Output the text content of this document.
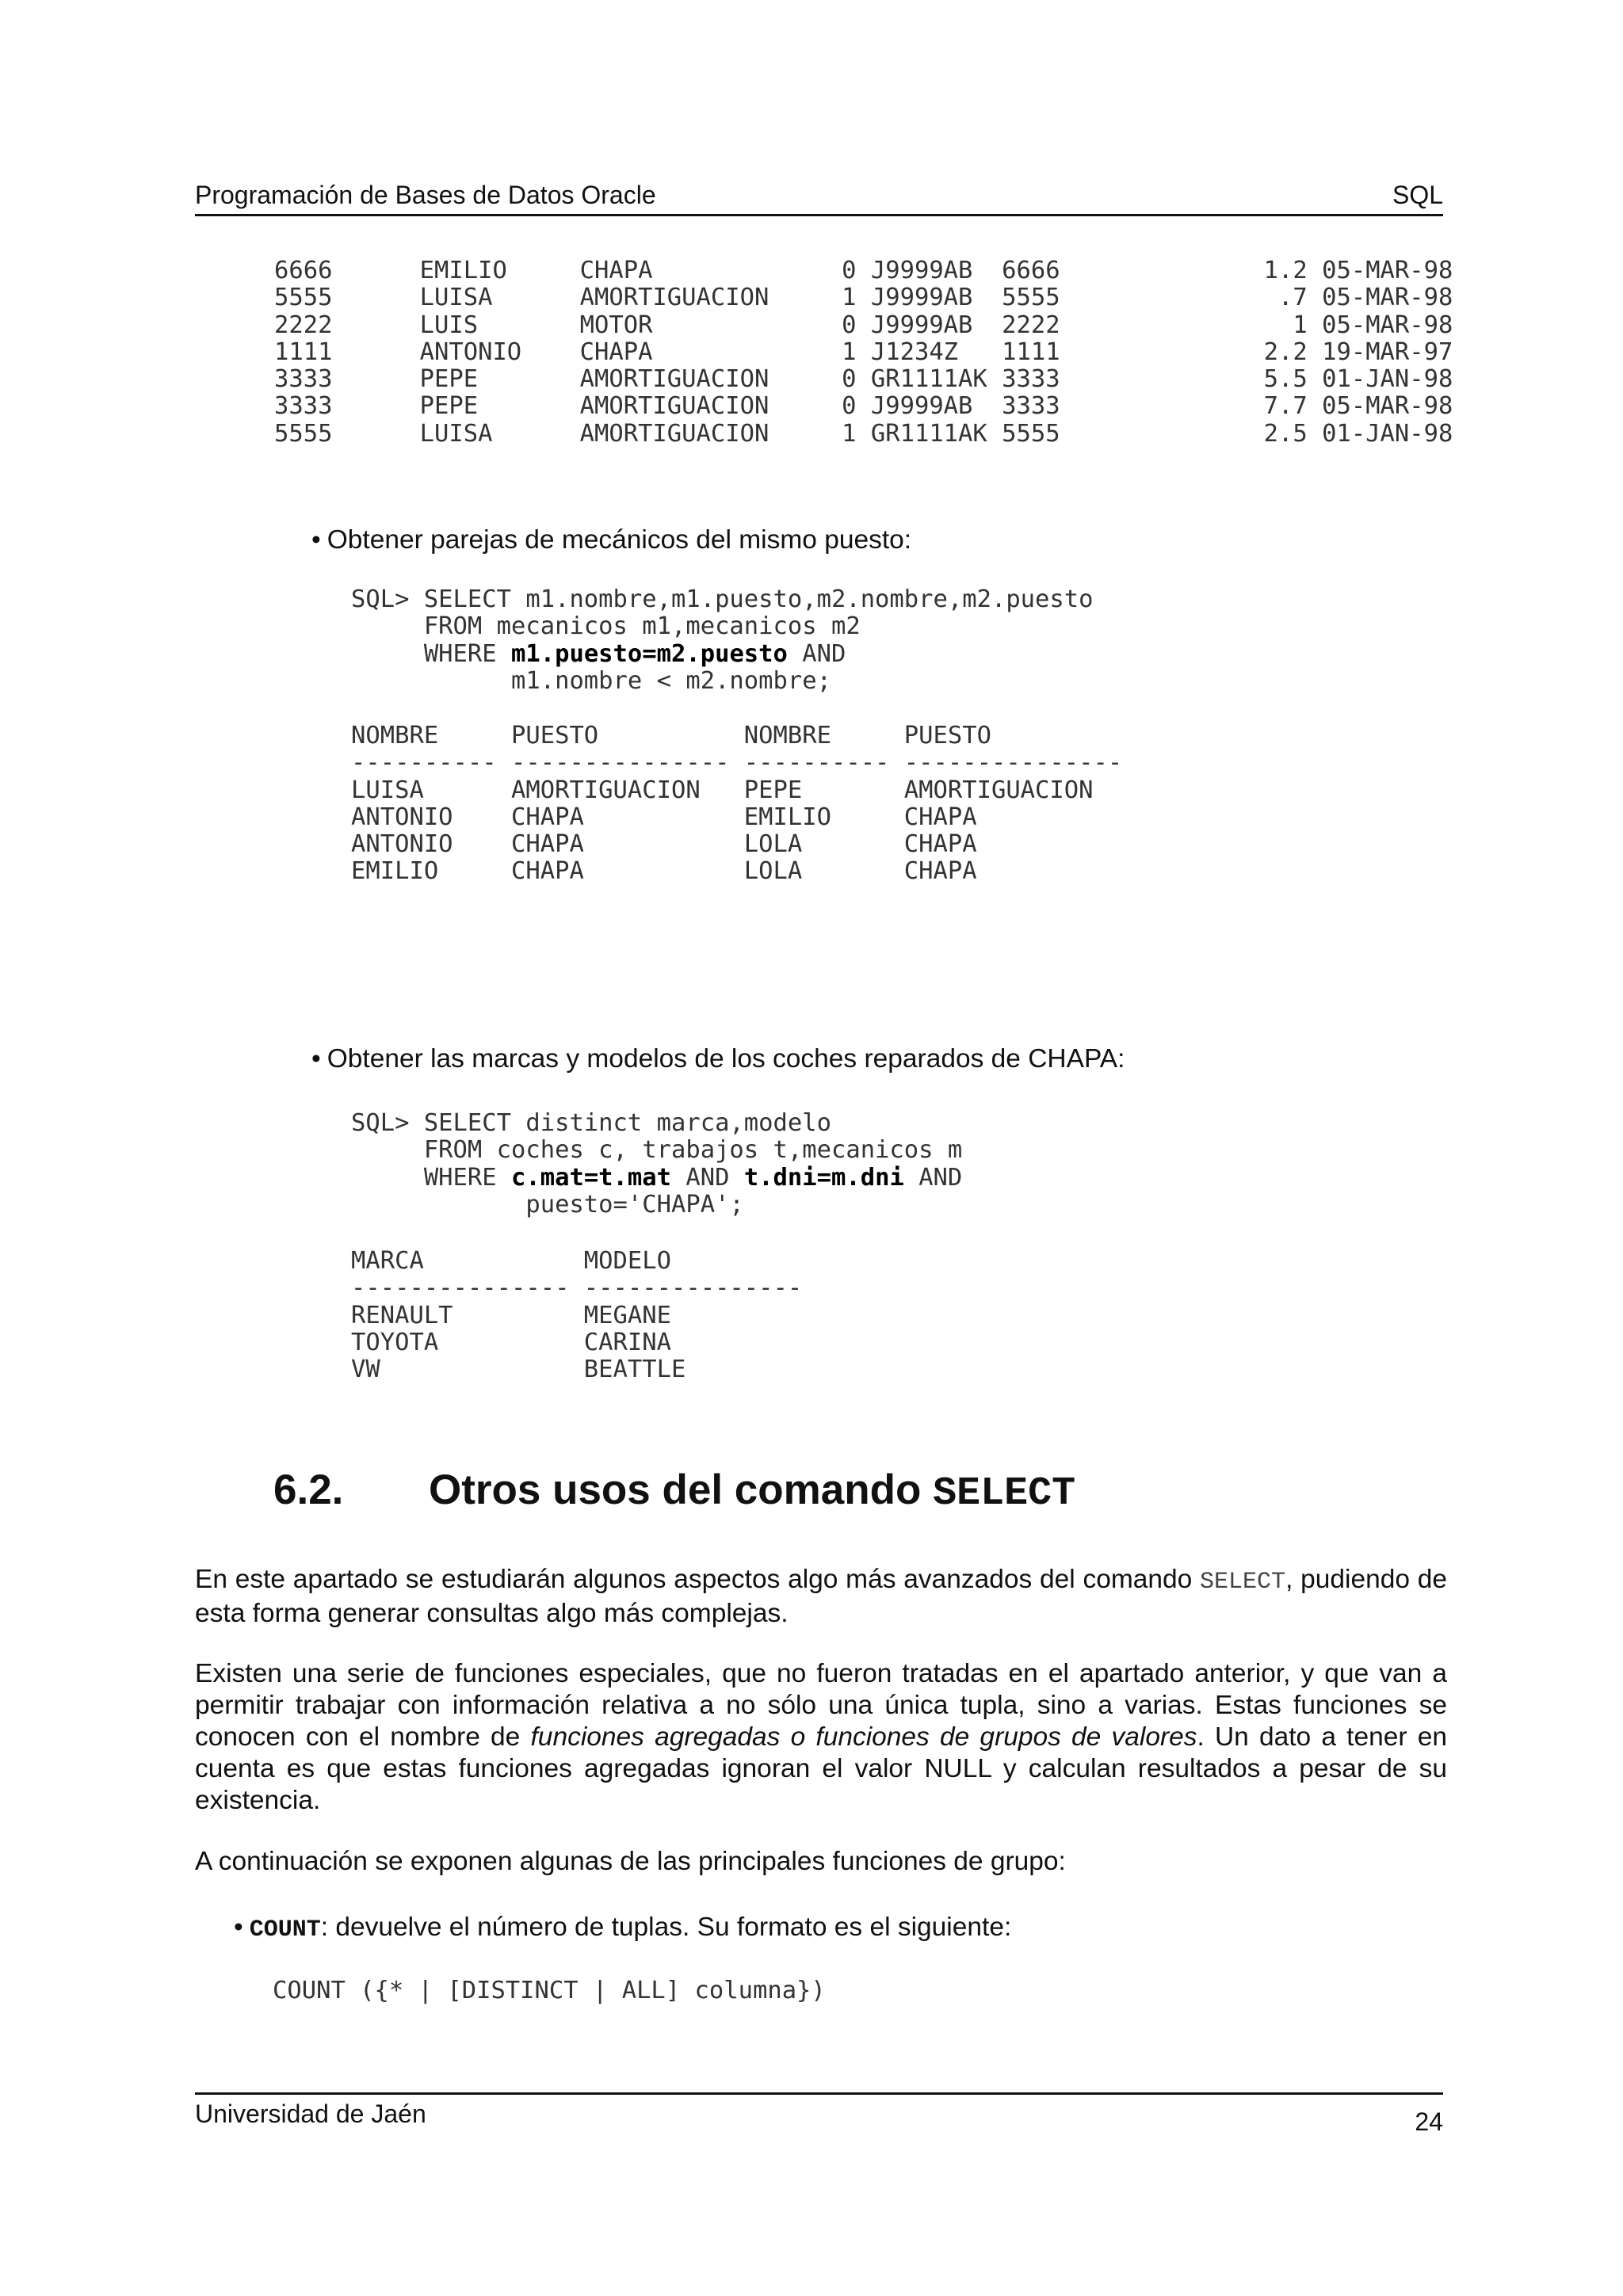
Programación de Bases de Datos Oracle	SQL
6666      EMILIO     CHAPA             0 J9999AB  6666              1.2 05-MAR-98
5555      LUISA      AMORTIGUACION     1 J9999AB  5555               .7 05-MAR-98
2222      LUIS       MOTOR             0 J9999AB  2222                1 05-MAR-98
1111      ANTONIO    CHAPA             1 J1234Z   1111              2.2 19-MAR-97
3333      PEPE       AMORTIGUACION     0 GR1111AK 3333              5.5 01-JAN-98
3333      PEPE       AMORTIGUACION     0 J9999AB  3333              7.7 05-MAR-98
5555      LUISA      AMORTIGUACION     1 GR1111AK 5555              2.5 01-JAN-98
• Obtener parejas de mecánicos del mismo puesto:
SQL> SELECT m1.nombre,m1.puesto,m2.nombre,m2.puesto
FROM mecanicos m1,mecanicos m2
WHERE m1.puesto=m2.puesto AND
m1.nombre < m2.nombre;
NOMBRE     PUESTO          NOMBRE     PUESTO
---------- --------------- ---------- ---------------
LUISA      AMORTIGUACION   PEPE       AMORTIGUACION
ANTONIO    CHAPA           EMILIO     CHAPA
ANTONIO    CHAPA           LOLA       CHAPA
EMILIO     CHAPA           LOLA       CHAPA
• Obtener las marcas y modelos de los coches reparados de CHAPA:
SQL> SELECT distinct marca,modelo
FROM coches c, trabajos t,mecanicos m
WHERE c.mat=t.mat AND t.dni=m.dni AND
puesto='CHAPA';
MARCA           MODELO
--------------- ---------------
RENAULT         MEGANE
TOYOTA          CARINA
VW              BEATTLE
6.2. Otros usos del comando SELECT
En este apartado se estudiarán algunos aspectos algo más avanzados del comando SELECT, pudiendo de esta forma generar consultas algo más complejas.
Existen una serie de funciones especiales, que no fueron tratadas en el apartado anterior, y que van a permitir trabajar con información relativa a no sólo una única tupla, sino a varias. Estas funciones se conocen con el nombre de funciones agregadas o funciones de grupos de valores. Un dato a tener en cuenta es que estas funciones agregadas ignoran el valor NULL y calculan resultados a pesar de su existencia.
A continuación se exponen algunas de las principales funciones de grupo:
• COUNT: devuelve el número de tuplas. Su formato es el siguiente:
COUNT ({* | [DISTINCT | ALL] columna})
Universidad de Jaén	24
